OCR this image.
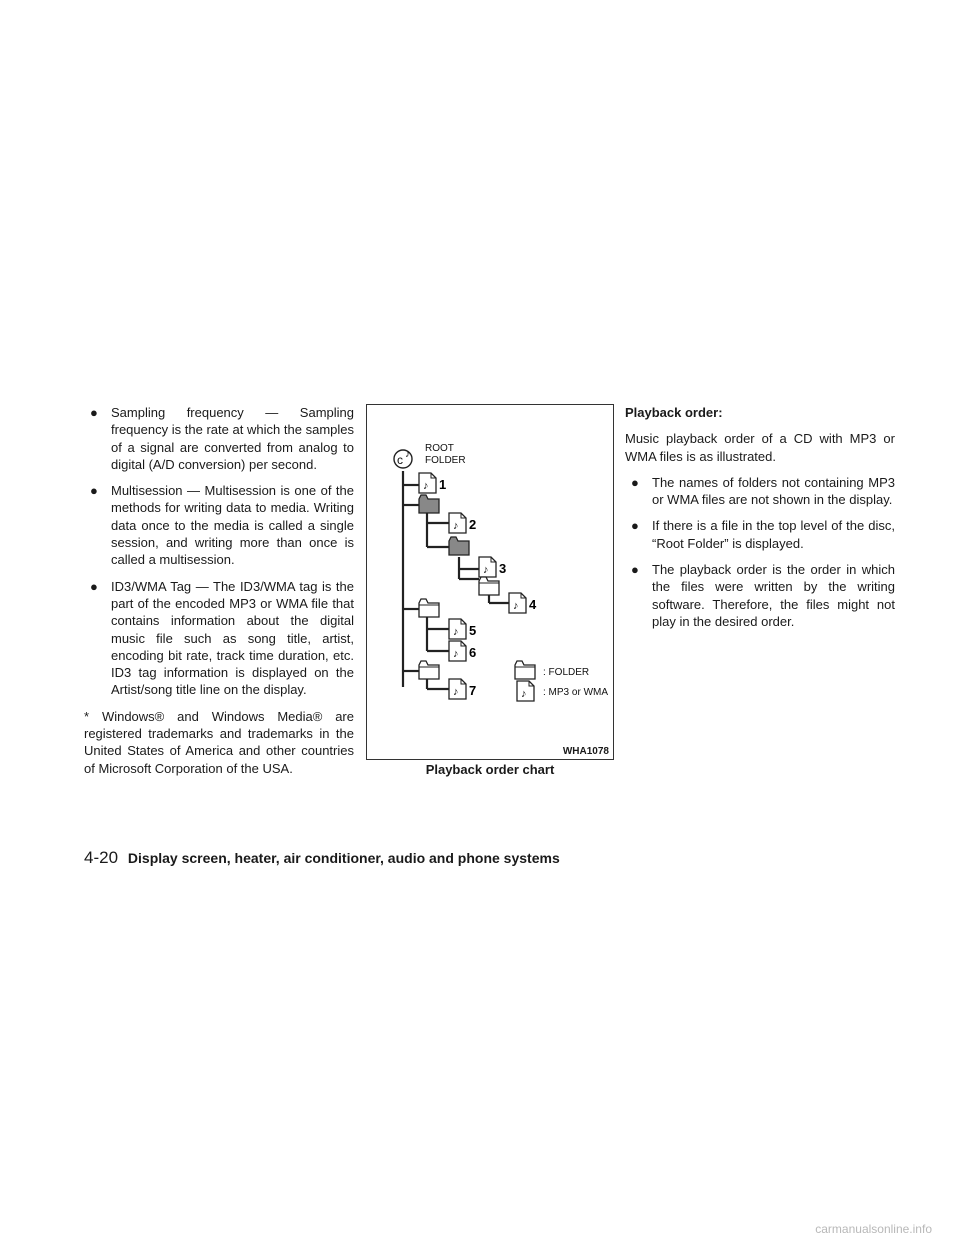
● Sampling frequency — Sampling frequency is the rate at which the samples of a signal are converted from analog to digital (A/D conversion) per second.
● Multisession — Multisession is one of the methods for writing data to media. Writing data once to the media is called a single session, and writing more than once is called a multisession.
● ID3/WMA Tag — The ID3/WMA tag is the part of the encoded MP3 or WMA file that contains information about the digital music file such as song title, artist, encoding bit rate, track time duration, etc. ID3 tag information is displayed on the Artist/song title line on the display.

* Windows® and Windows Media® are registered trademarks and trademarks in the United States of America and other countries of Microsoft Corporation of the USA.

♪
c ♪
ROOT
FOLDER
1
2
3
4
5
6
7
: FOLDER
: MP3 or WMA
WHA1078
Playback order chart

Playback order:

Music playback order of a CD with MP3 or WMA files is as illustrated.

● The names of folders not containing MP3 or WMA files are not shown in the display.
● If there is a file in the top level of the disc, “Root Folder” is displayed.
● The playback order is the order in which the files were written by the writing software. Therefore, the files might not play in the desired order.
4-20 Display screen, heater, air conditioner, audio and phone systems
carmanualsonline.info
